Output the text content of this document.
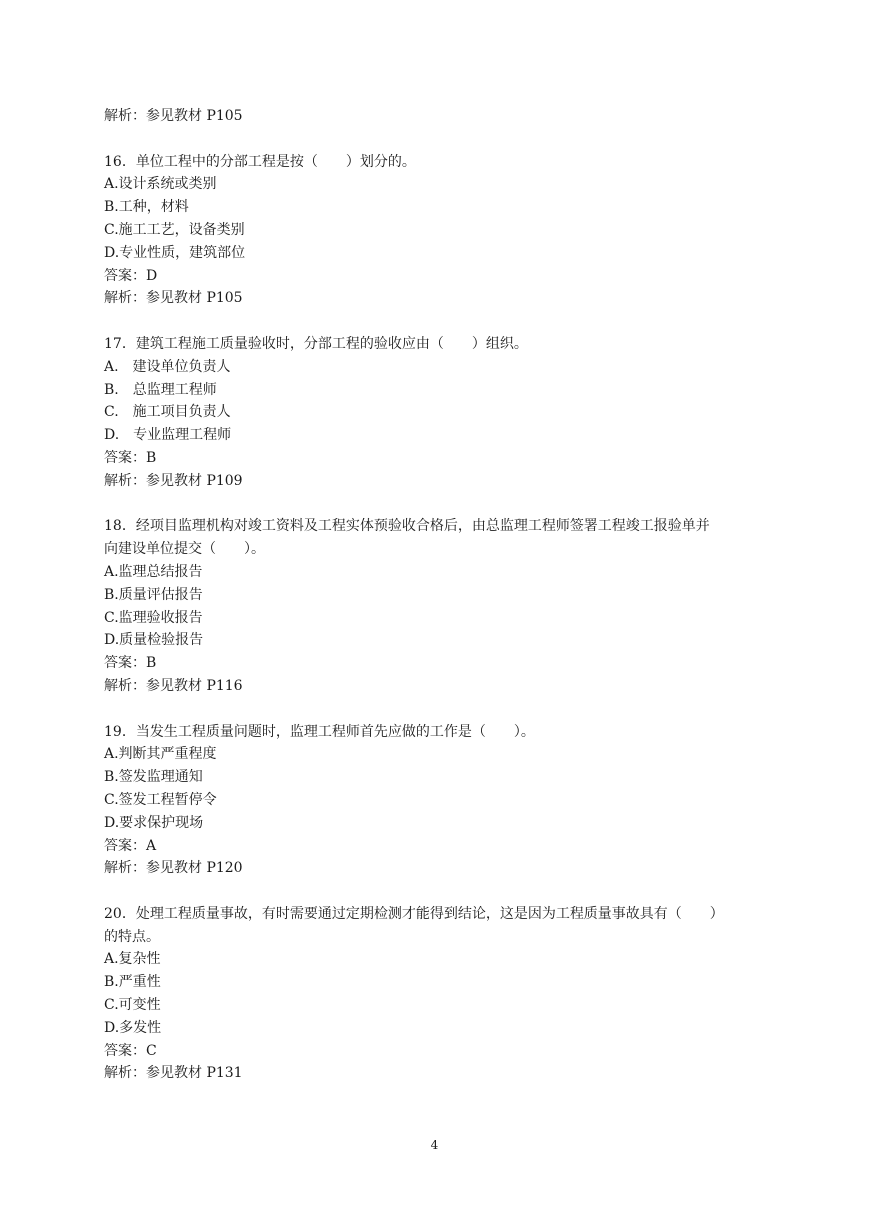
解析：参见教材 P105

16．单位工程中的分部工程是按（　　）划分的。

A.设计系统或类别

B.工种，材料

C.施工工艺，设备类别

D.专业性质，建筑部位

答案：D

解析：参见教材 P105

17．建筑工程施工质量验收时，分部工程的验收应由（　　）组织。

A.　建设单位负责人

B.　总监理工程师

C.　施工项目负责人

D.　专业监理工程师

答案：B

解析：参见教材 P109

18．经项目监理机构对竣工资料及工程实体预验收合格后，由总监理工程师签署工程竣工报验单并

向建设单位提交（　　）。

A.监理总结报告

B.质量评估报告

C.监理验收报告

D.质量检验报告

答案：B

解析：参见教材 P116

19．当发生工程质量问题时，监理工程师首先应做的工作是（　　）。

A.判断其严重程度

B.签发监理通知

C.签发工程暂停令

D.要求保护现场

答案：A

解析：参见教材 P120

20．处理工程质量事故，有时需要通过定期检测才能得到结论，这是因为工程质量事故具有（　　）

的特点。

A.复杂性

B.严重性

C.可变性

D.多发性

答案：C

解析：参见教材 P131

4
